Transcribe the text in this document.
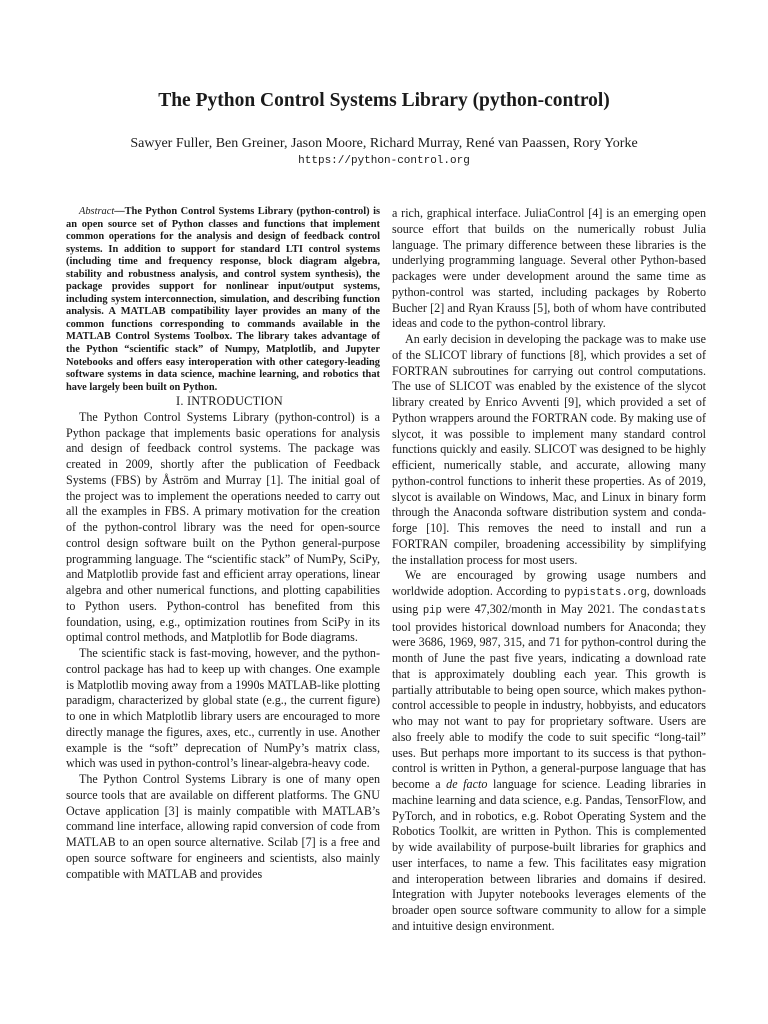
The Python Control Systems Library (python-control)

Sawyer Fuller, Ben Greiner, Jason Moore, Richard Murray, René van Paassen, Rory Yorke

https://python-control.org

Abstract—The Python Control Systems Library (python-control) is an open source set of Python classes and functions that implement common operations for the analysis and design of feedback control systems. In addition to support for standard LTI control systems (including time and frequency response, block diagram algebra, stability and robustness analysis, and control system synthesis), the package provides support for nonlinear input/output systems, including system interconnection, simulation, and describing function analysis. A MATLAB compatibility layer provides an many of the common functions corresponding to commands available in the MATLAB Control Systems Toolbox. The library takes advantage of the Python “scientific stack” of Numpy, Matplotlib, and Jupyter Notebooks and offers easy interoperation with other category-leading software systems in data science, machine learning, and robotics that have largely been built on Python.

I. INTRODUCTION

The Python Control Systems Library (python-control) is a Python package that implements basic operations for analysis and design of feedback control systems. The package was created in 2009, shortly after the publication of Feedback Systems (FBS) by Åström and Murray [1]. The initial goal of the project was to implement the operations needed to carry out all the examples in FBS. A primary motivation for the creation of the python-control library was the need for open-source control design software built on the Python general-purpose programming language. The “scientific stack” of NumPy, SciPy, and Matplotlib provide fast and efficient array operations, linear algebra and other numerical functions, and plotting capabilities to Python users. Python-control has benefited from this foundation, using, e.g., optimization routines from SciPy in its optimal control methods, and Matplotlib for Bode diagrams.

The scientific stack is fast-moving, however, and the python-control package has had to keep up with changes. One example is Matplotlib moving away from a 1990s MATLAB-like plotting paradigm, characterized by global state (e.g., the current figure) to one in which Matplotlib library users are encouraged to more directly manage the figures, axes, etc., currently in use. Another example is the “soft” deprecation of NumPy’s matrix class, which was used in python-control’s linear-algebra-heavy code.

The Python Control Systems Library is one of many open source tools that are available on different platforms. The GNU Octave application [3] is mainly compatible with MATLAB’s command line interface, allowing rapid conversion of code from MATLAB to an open source alternative. Scilab [7] is a free and open source software for engineers and scientists, also mainly compatible with MATLAB and provides

a rich, graphical interface. JuliaControl [4] is an emerging open source effort that builds on the numerically robust Julia language. The primary difference between these libraries is the underlying programming language. Several other Python-based packages were under development around the same time as python-control was started, including packages by Roberto Bucher [2] and Ryan Krauss [5], both of whom have contributed ideas and code to the python-control library.

An early decision in developing the package was to make use of the SLICOT library of functions [8], which provides a set of FORTRAN subroutines for carrying out control computations. The use of SLICOT was enabled by the existence of the slycot library created by Enrico Avventi [9], which provided a set of Python wrappers around the FORTRAN code. By making use of slycot, it was possible to implement many standard control functions quickly and easily. SLICOT was designed to be highly efficient, numerically stable, and accurate, allowing many python-control functions to inherit these properties. As of 2019, slycot is available on Windows, Mac, and Linux in binary form through the Anaconda software distribution system and conda-forge [10]. This removes the need to install and run a FORTRAN compiler, broadening accessibility by simplifying the installation process for most users.

We are encouraged by growing usage numbers and worldwide adoption. According to pypistats.org, downloads using pip were 47,302/month in May 2021. The condastats tool provides historical download numbers for Anaconda; they were 3686, 1969, 987, 315, and 71 for python-control during the month of June the past five years, indicating a download rate that is approximately doubling each year. This growth is partially attributable to being open source, which makes python-control accessible to people in industry, hobbyists, and educators who may not want to pay for proprietary software. Users are also freely able to modify the code to suit specific “long-tail” uses. But perhaps more important to its success is that python-control is written in Python, a general-purpose language that has become a de facto language for science. Leading libraries in machine learning and data science, e.g. Pandas, TensorFlow, and PyTorch, and in robotics, e.g. Robot Operating System and the Robotics Toolkit, are written in Python. This is complemented by wide availability of purpose-built libraries for graphics and user interfaces, to name a few. This facilitates easy migration and interoperation between libraries and domains if desired. Integration with Jupyter notebooks leverages elements of the broader open source software community to allow for a simple and intuitive design environment.
